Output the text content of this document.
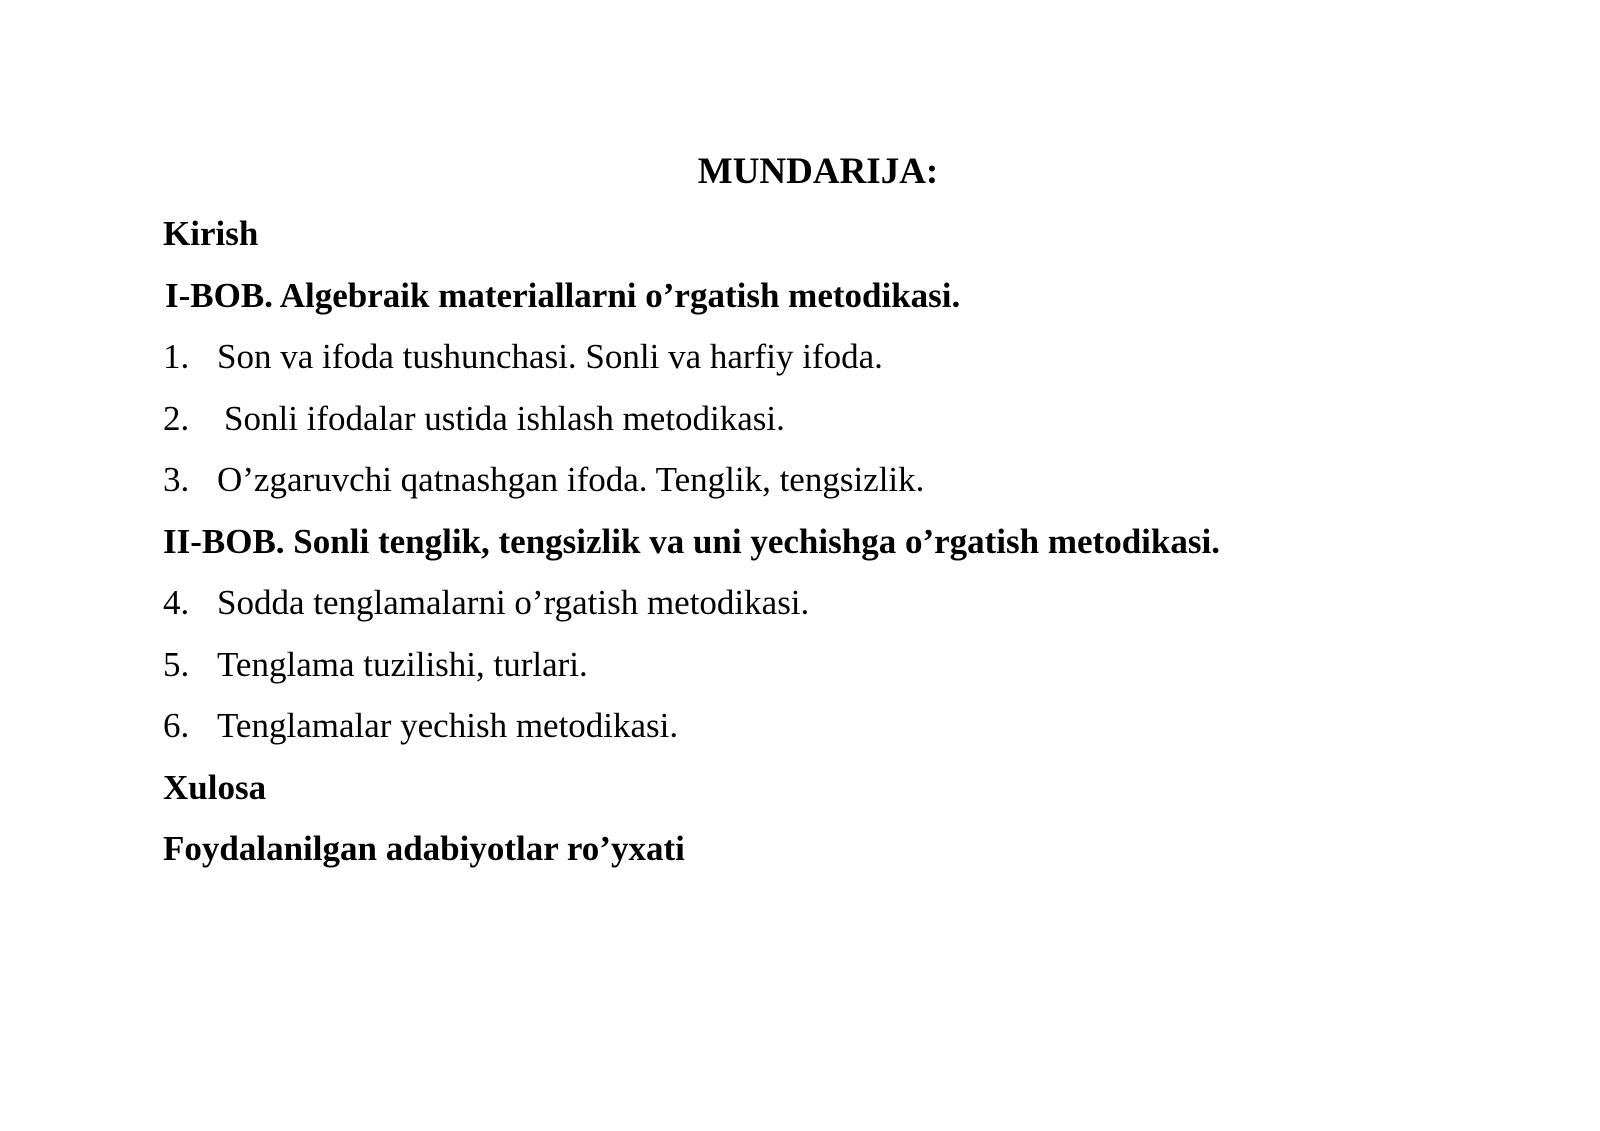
MUNDARIJA:
Kirish
I-BOB. Algebraik materiallarni o’rgatish metodikasi.
1. Son va ifoda tushunchasi. Sonli va harfiy ifoda.
2. Sonli ifodalar ustida ishlash metodikasi.
3. O’zgaruvchi qatnashgan ifoda. Tenglik, tengsizlik.
II-BOB. Sonli tenglik, tengsizlik va uni yechishga o’rgatish metodikasi.
4. Sodda tenglamalarni o’rgatish metodikasi.
5. Tenglama tuzilishi, turlari.
6. Tenglamalar yechish metodikasi.
Xulosa
Foydalanilgan adabiyotlar ro’yxati
